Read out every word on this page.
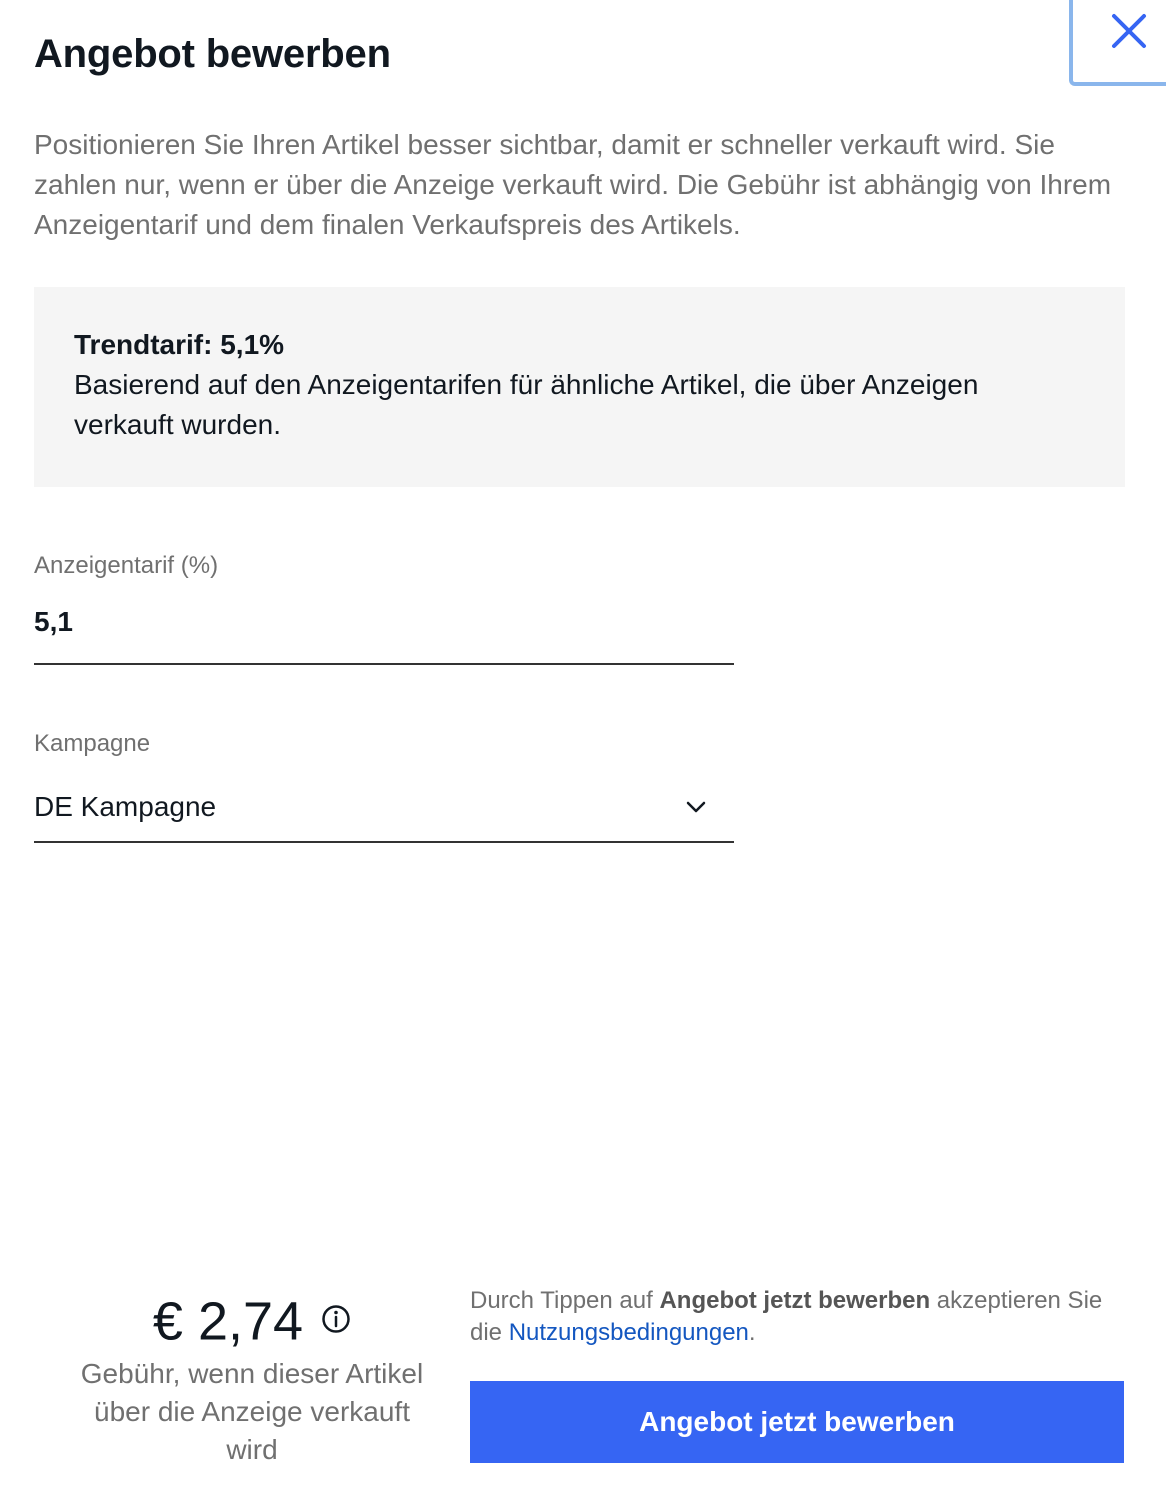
Angebot bewerben

Positionieren Sie Ihren Artikel besser sichtbar, damit er schneller verkauft wird. Sie zahlen nur, wenn er über die Anzeige verkauft wird. Die Gebühr ist abhängig von Ihrem Anzeigentarif und dem finalen Verkaufspreis des Artikels.

Trendtarif: 5,1%
Basierend auf den Anzeigentarifen für ähnliche Artikel, die über Anzeigen verkauft wurden.
Anzeigentarif (%)
5,1
Kampagne
DE Kampagne
€ 2,74
Gebühr, wenn dieser Artikel über die Anzeige verkauft wird
Durch Tippen auf Angebot jetzt bewerben akzeptieren Sie die Nutzungsbedingungen.
Angebot jetzt bewerben
